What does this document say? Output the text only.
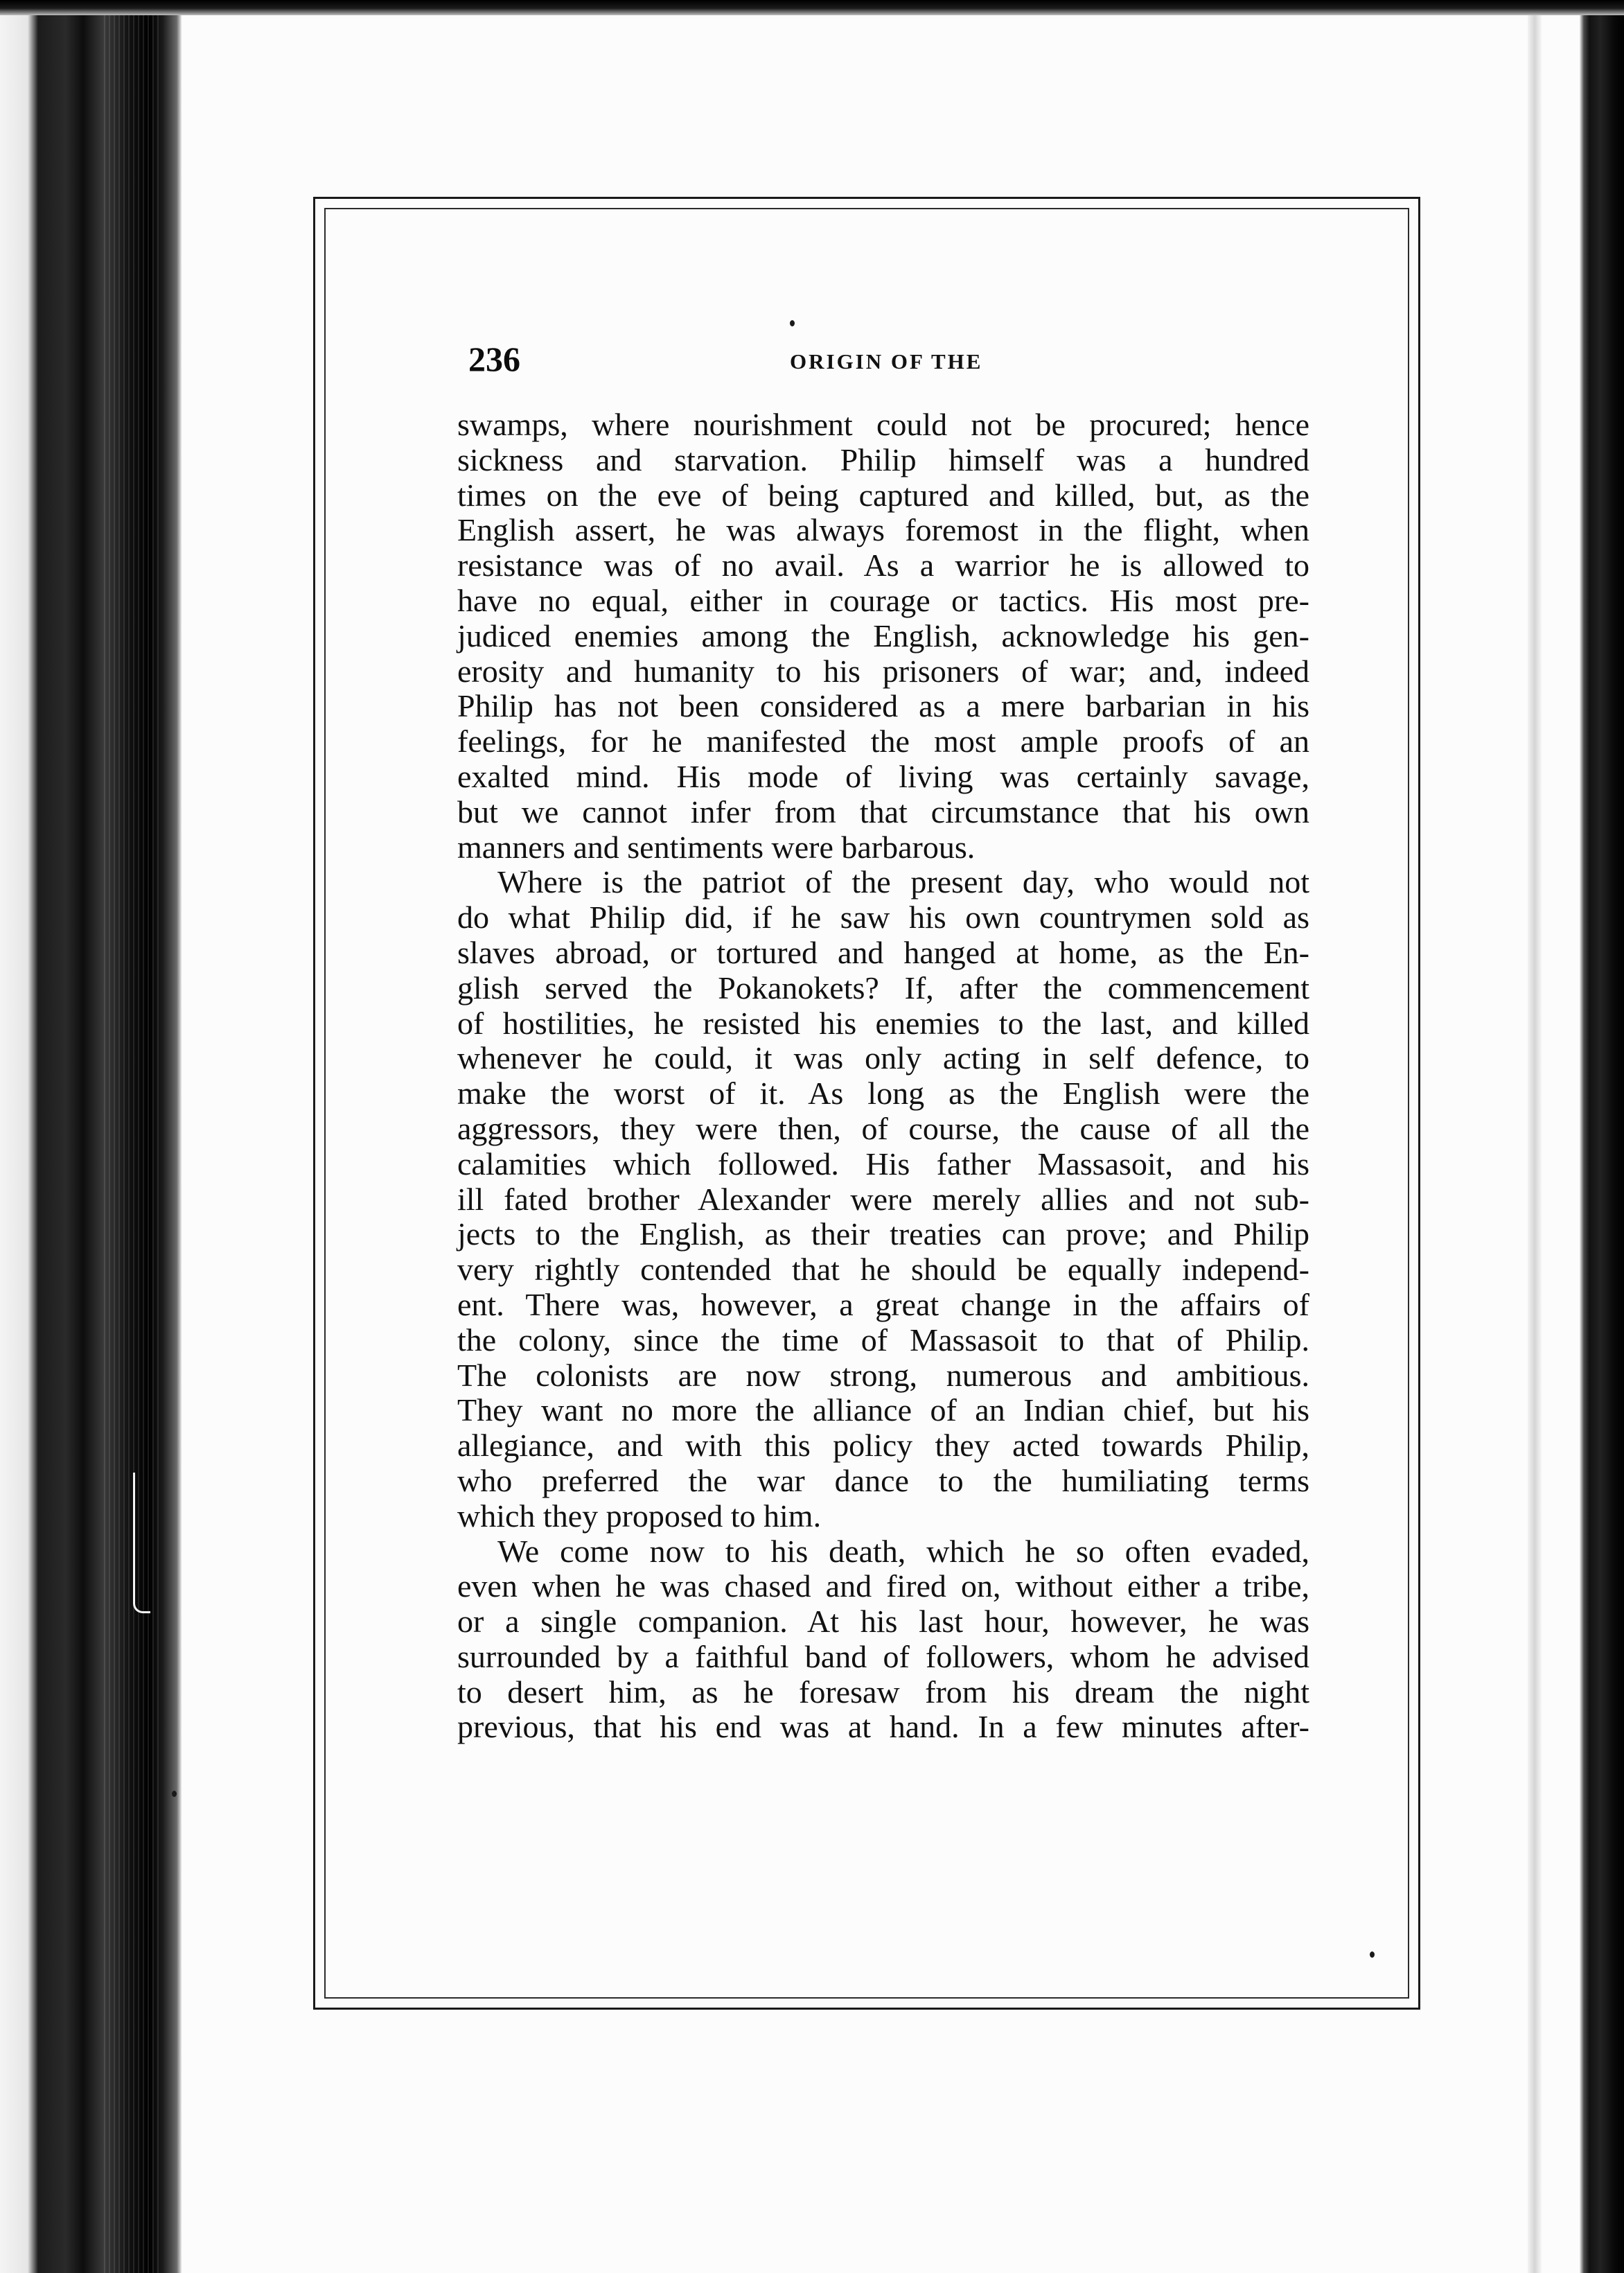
236	ORIGIN OF THE
swamps, where nourishment could not be procured; hence
sickness and starvation. Philip himself was a hundred
times on the eve of being captured and killed, but, as the
English assert, he was always foremost in the flight, when
resistance was of no avail. As a warrior he is allowed to
have no equal, either in courage or tactics. His most pre-
judiced enemies among the English, acknowledge his gen-
erosity and humanity to his prisoners of war; and, indeed
Philip has not been considered as a mere barbarian in his
feelings, for he manifested the most ample proofs of an
exalted mind. His mode of living was certainly savage,
but we cannot infer from that circumstance that his own
manners and sentiments were barbarous.
Where is the patriot of the present day, who would not
do what Philip did, if he saw his own countrymen sold as
slaves abroad, or tortured and hanged at home, as the En-
glish served the Pokanokets? If, after the commencement
of hostilities, he resisted his enemies to the last, and killed
whenever he could, it was only acting in self defence, to
make the worst of it. As long as the English were the
aggressors, they were then, of course, the cause of all the
calamities which followed. His father Massasoit, and his
ill fated brother Alexander were merely allies and not sub-
jects to the English, as their treaties can prove; and Philip
very rightly contended that he should be equally independ-
ent. There was, however, a great change in the affairs of
the colony, since the time of Massasoit to that of Philip.
The colonists are now strong, numerous and ambitious.
They want no more the alliance of an Indian chief, but his
allegiance, and with this policy they acted towards Philip,
who preferred the war dance to the humiliating terms
which they proposed to him.
We come now to his death, which he so often evaded,
even when he was chased and fired on, without either a tribe,
or a single companion. At his last hour, however, he was
surrounded by a faithful band of followers, whom he advised
to desert him, as he foresaw from his dream the night
previous, that his end was at hand. In a few minutes after-
